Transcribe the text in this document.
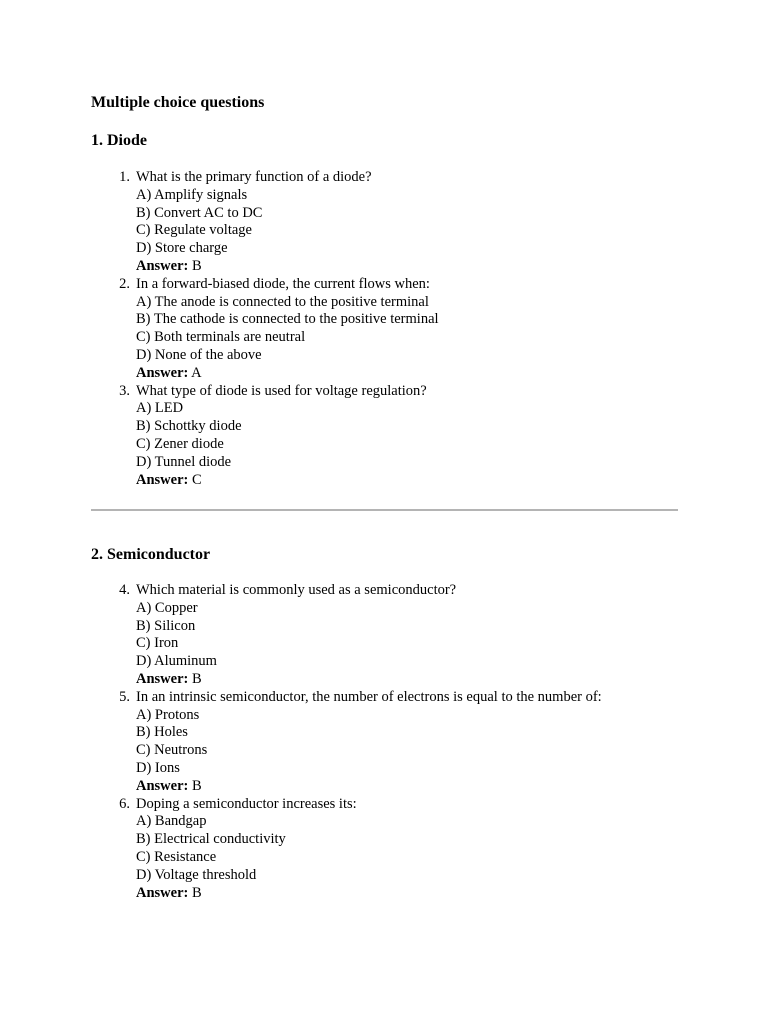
Multiple choice questions
1. Diode
1. What is the primary function of a diode?
A) Amplify signals
B) Convert AC to DC
C) Regulate voltage
D) Store charge
Answer: B
2. In a forward-biased diode, the current flows when:
A) The anode is connected to the positive terminal
B) The cathode is connected to the positive terminal
C) Both terminals are neutral
D) None of the above
Answer: A
3. What type of diode is used for voltage regulation?
A) LED
B) Schottky diode
C) Zener diode
D) Tunnel diode
Answer: C
2. Semiconductor
4. Which material is commonly used as a semiconductor?
A) Copper
B) Silicon
C) Iron
D) Aluminum
Answer: B
5. In an intrinsic semiconductor, the number of electrons is equal to the number of:
A) Protons
B) Holes
C) Neutrons
D) Ions
Answer: B
6. Doping a semiconductor increases its:
A) Bandgap
B) Electrical conductivity
C) Resistance
D) Voltage threshold
Answer: B
